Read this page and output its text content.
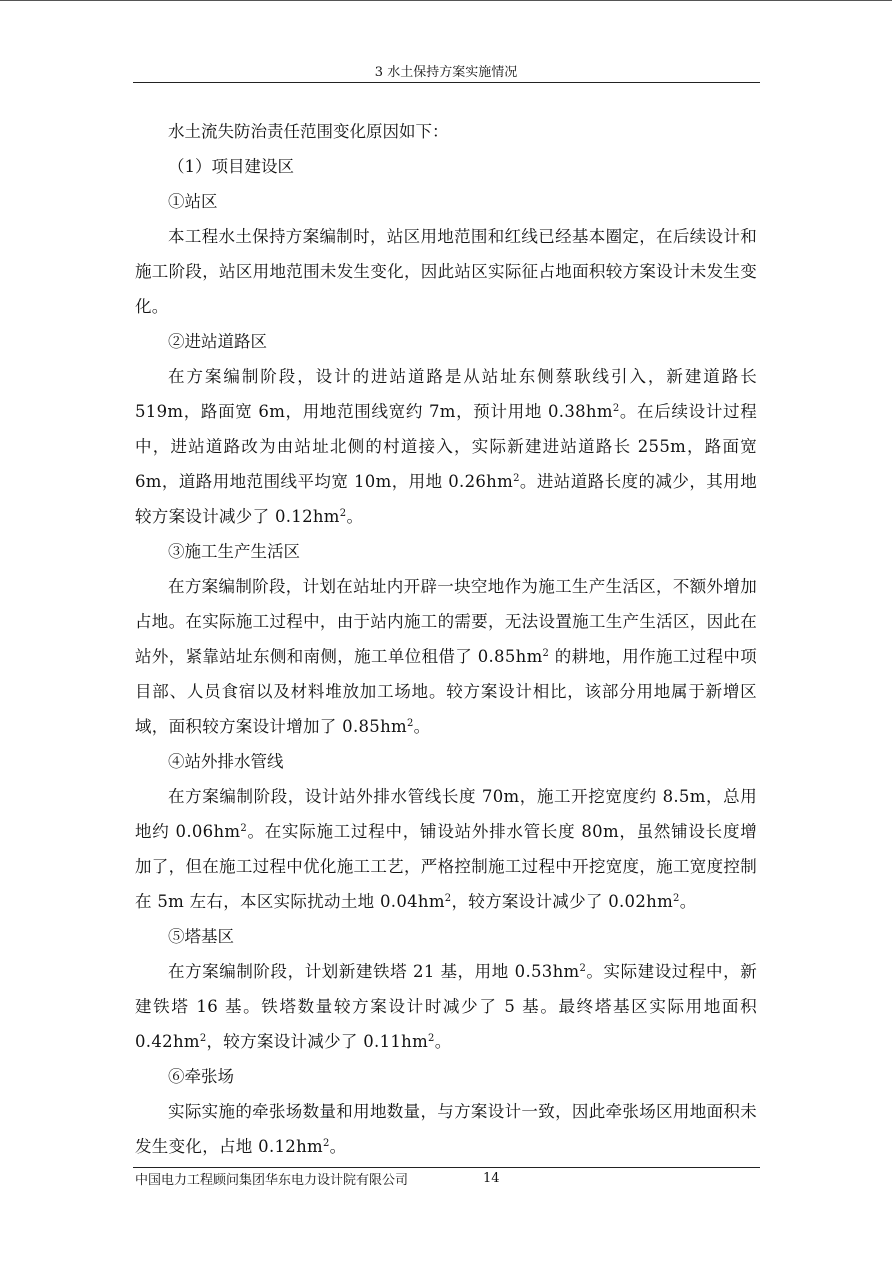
3 水土保持方案实施情况

水土流失防治责任范围变化原因如下：

（1）项目建设区

①站区

本工程水土保持方案编制时，站区用地范围和红线已经基本圈定，在后续设计和施工阶段，站区用地范围未发生变化，因此站区实际征占地面积较方案设计未发生变化。

②进站道路区

在方案编制阶段，设计的进站道路是从站址东侧蔡耿线引入，新建道路长519m，路面宽 6m，用地范围线宽约 7m，预计用地 $0.38hm^2$。在后续设计过程中，进站道路改为由站址北侧的村道接入，实际新建进站道路长 255m，路面宽 6m，道路用地范围线平均宽 10m，用地 $0.26hm^2$。进站道路长度的减少，其用地较方案设计减少了 $0.12hm^2$。

③施工生产生活区

在方案编制阶段，计划在站址内开辟一块空地作为施工生产生活区，不额外增加占地。在实际施工过程中，由于站内施工的需要，无法设置施工生产生活区，因此在站外，紧靠站址东侧和南侧，施工单位租借了 $0.85hm^2$ 的耕地，用作施工过程中项目部、人员食宿以及材料堆放加工场地。较方案设计相比，该部分用地属于新增区域，面积较方案设计增加了 $0.85hm^2$。

④站外排水管线

在方案编制阶段，设计站外排水管线长度 70m，施工开挖宽度约 8.5m，总用地约 $0.06hm^2$。在实际施工过程中，铺设站外排水管长度 80m，虽然铺设长度增加了，但在施工过程中优化施工工艺，严格控制施工过程中开挖宽度，施工宽度控制在 5m 左右，本区实际扰动土地 $0.04hm^2$，较方案设计减少了 $0.02hm^2$。

⑤塔基区

在方案编制阶段，计划新建铁塔 21 基，用地 $0.53hm^2$。实际建设过程中，新建铁塔 16 基。铁塔数量较方案设计时减少了 5 基。最终塔基区实际用地面积 $0.42hm^2$，较方案设计减少了 $0.11hm^2$。

⑥牵张场

实际实施的牵张场数量和用地数量，与方案设计一致，因此牵张场区用地面积未发生变化，占地 $0.12hm^2$。

中国电力工程顾问集团华东电力设计院有限公司	14
